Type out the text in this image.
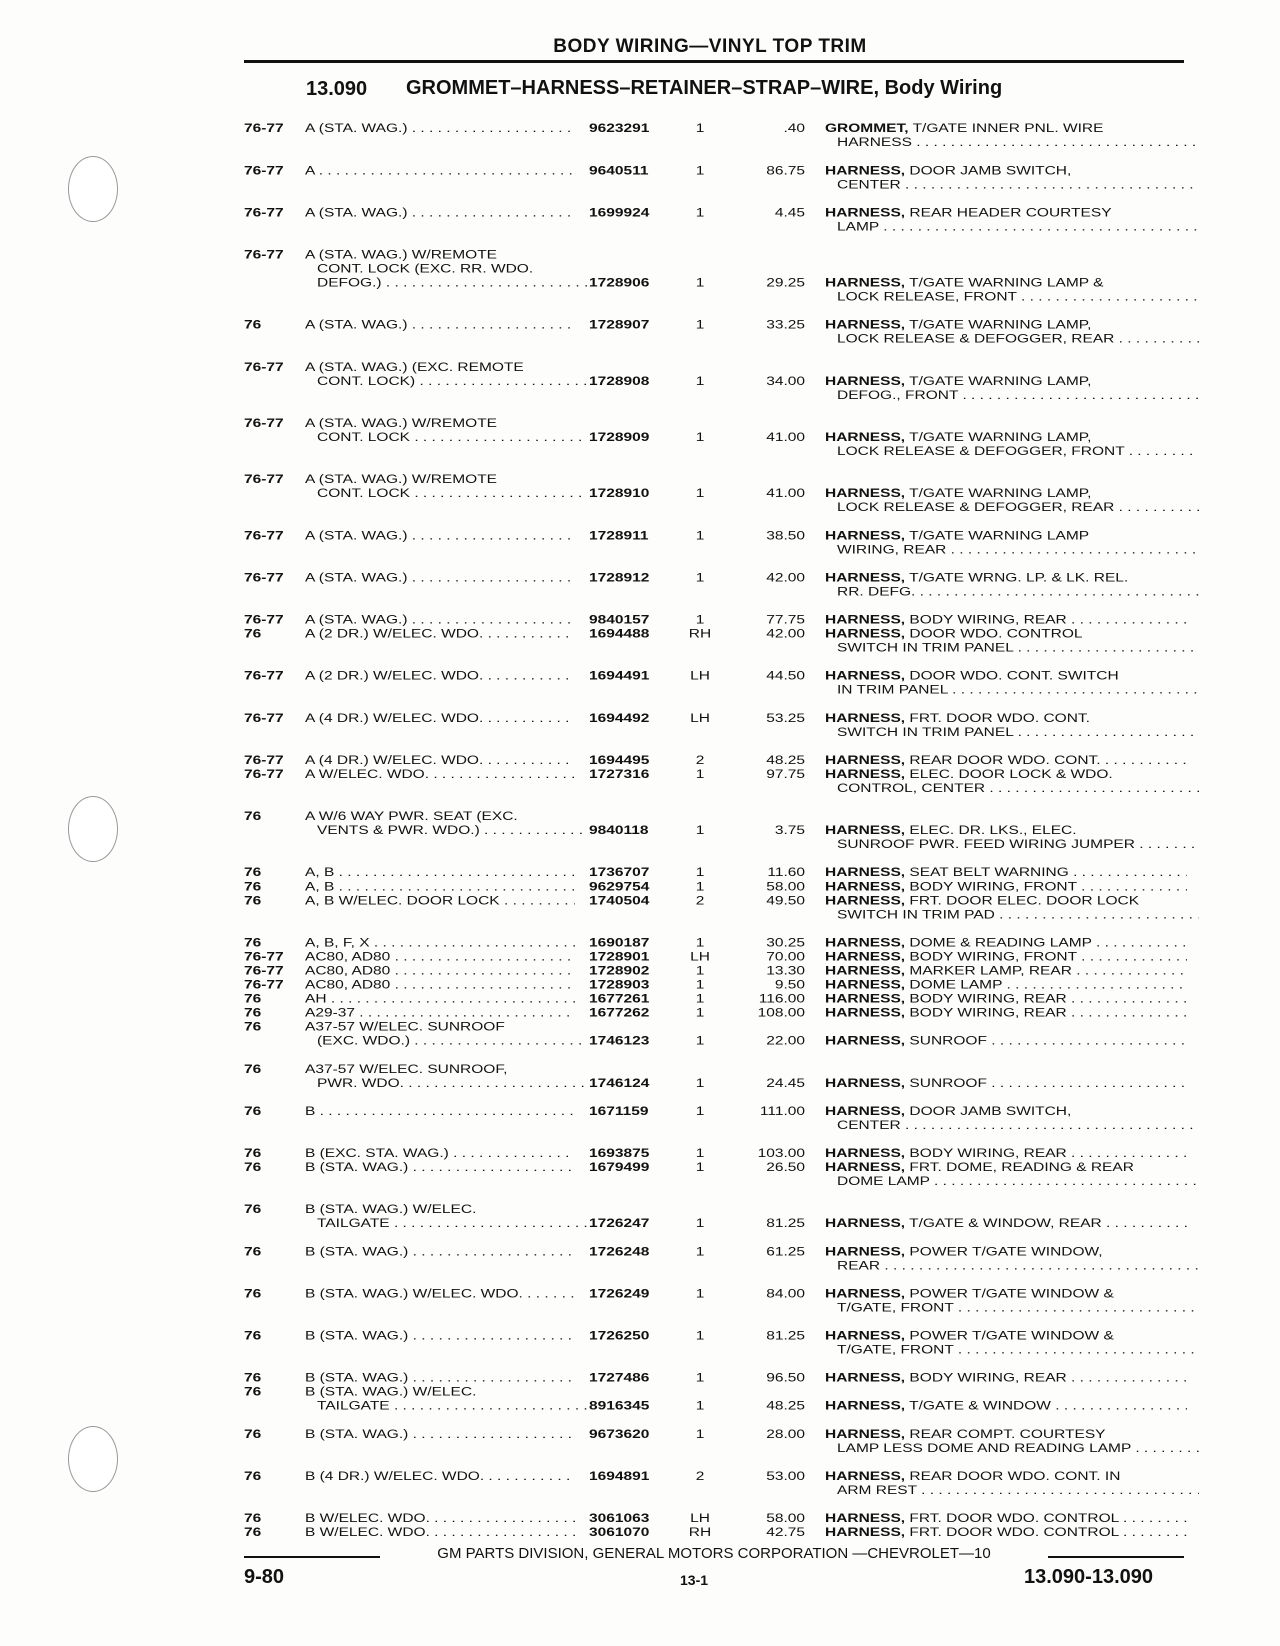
BODY WIRING—VINYL TOP TRIM
13.090 GROMMET–HARNESS–RETAINER–STRAP–WIRE, Body Wiring
76-77 A (STA. WAG.) . . .	9623291	1	.40 GROMMET, T/GATE INNER PNL. WIRE
HARNESS . . .
76-77 A . . .	9640511	1	86.75 HARNESS, DOOR JAMB SWITCH,
CENTER . . .
76-77 A (STA. WAG.) . . .	1699924	1	4.45 HARNESS, REAR HEADER COURTESY
LAMP . . .
76-77 A (STA. WAG.) W/REMOTE
CONT. LOCK (EXC. RR. WDO.
DEFOG.) . . .	1728906	1	29.25 HARNESS, T/GATE WARNING LAMP &
LOCK RELEASE, FRONT . . .
76	A (STA. WAG.) . . .	1728907	1	33.25 HARNESS, T/GATE WARNING LAMP,
LOCK RELEASE & DEFOGGER, REAR . . .
76-77 A (STA. WAG.) (EXC. REMOTE
CONT. LOCK) . . .	1728908	1	34.00 HARNESS, T/GATE WARNING LAMP,
DEFOG., FRONT . . .
76-77 A (STA. WAG.) W/REMOTE
CONT. LOCK . . .	1728909	1	41.00 HARNESS, T/GATE WARNING LAMP,
LOCK RELEASE & DEFOGGER, FRONT . . .
76-77 A (STA. WAG.) W/REMOTE
CONT. LOCK . . .	1728910	1	41.00 HARNESS, T/GATE WARNING LAMP,
LOCK RELEASE & DEFOGGER, REAR . . .
76-77 A (STA. WAG.) . . .	1728911	1	38.50 HARNESS, T/GATE WARNING LAMP
WIRING, REAR . . .
76-77 A (STA. WAG.) . . .	1728912	1	42.00 HARNESS, T/GATE WRNG. LP. & LK. REL.
RR. DEFG. . . .
76-77 A (STA. WAG.) . . .	9840157	1	77.75 HARNESS, BODY WIRING, REAR . . .
76	A (2 DR.) W/ELEC. WDO. . . .	1694488	RH	42.00 HARNESS, DOOR WDO. CONTROL
SWITCH IN TRIM PANEL . . .
76-77 A (2 DR.) W/ELEC. WDO. . . .	1694491	LH	44.50 HARNESS, DOOR WDO. CONT. SWITCH
IN TRIM PANEL . . .
76-77 A (4 DR.) W/ELEC. WDO. . . .	1694492	LH	53.25 HARNESS, FRT. DOOR WDO. CONT.
SWITCH IN TRIM PANEL . . .
76-77 A (4 DR.) W/ELEC. WDO. . . .	1694495	2	48.25 HARNESS, REAR DOOR WDO. CONT. . . .
76-77 A W/ELEC. WDO. . . .	1727316	1	97.75 HARNESS, ELEC. DOOR LOCK & WDO.
CONTROL, CENTER . . .
76	A W/6 WAY PWR. SEAT (EXC.
VENTS & PWR. WDO.) . . .	9840118	1	3.75 HARNESS, ELEC. DR. LKS., ELEC.
SUNROOF PWR. FEED WIRING JUMPER . . .
76	A, B . . .	1736707	1	11.60 HARNESS, SEAT BELT WARNING . . .
76	A, B . . .	9629754	1	58.00 HARNESS, BODY WIRING, FRONT . . .
76	A, B W/ELEC. DOOR LOCK . . .	1740504	2	49.50 HARNESS, FRT. DOOR ELEC. DOOR LOCK
SWITCH IN TRIM PAD . . .
76	A, B, F, X . . .	1690187	1	30.25 HARNESS, DOME & READING LAMP . . .
76-77 AC80, AD80 . . .	1728901	LH	70.00 HARNESS, BODY WIRING, FRONT . . .
76-77 AC80, AD80 . . .	1728902	1	13.30 HARNESS, MARKER LAMP, REAR . . .
76-77 AC80, AD80 . . .	1728903	1	9.50 HARNESS, DOME LAMP . . .
76	AH . . .	1677261	1	116.00 HARNESS, BODY WIRING, REAR . . .
76	A29-37 . . .	1677262	1	108.00 HARNESS, BODY WIRING, REAR . . .
76	A37-57 W/ELEC. SUNROOF
(EXC. WDO.) . . .	1746123	1	22.00 HARNESS, SUNROOF . . .
76	A37-57 W/ELEC. SUNROOF,
PWR. WDO. . . .	1746124	1	24.45 HARNESS, SUNROOF . . .
76	B . . .	1671159	1	111.00 HARNESS, DOOR JAMB SWITCH,
CENTER . . .
76	B (EXC. STA. WAG.) . . .	1693875	1	103.00 HARNESS, BODY WIRING, REAR . . .
76	B (STA. WAG.) . . .	1679499	1	26.50 HARNESS, FRT. DOME, READING & REAR
DOME LAMP . . .
76	B (STA. WAG.) W/ELEC.
TAILGATE . . .	1726247	1	81.25 HARNESS, T/GATE & WINDOW, REAR . . .
76	B (STA. WAG.) . . .	1726248	1	61.25 HARNESS, POWER T/GATE WINDOW,
REAR . . .
76	B (STA. WAG.) W/ELEC. WDO. . . .	1726249	1	84.00 HARNESS, POWER T/GATE WINDOW &
T/GATE, FRONT . . .
76	B (STA. WAG.) . . .	1726250	1	81.25 HARNESS, POWER T/GATE WINDOW &
T/GATE, FRONT . . .
76	B (STA. WAG.) . . .	1727486	1	96.50 HARNESS, BODY WIRING, REAR . . .
76	B (STA. WAG.) W/ELEC.
TAILGATE . . .	8916345	1	48.25 HARNESS, T/GATE & WINDOW . . .
76	B (STA. WAG.) . . .	9673620	1	28.00 HARNESS, REAR COMPT. COURTESY
LAMP LESS DOME AND READING LAMP . . .
76	B (4 DR.) W/ELEC. WDO. . . .	1694891	2	53.00 HARNESS, REAR DOOR WDO. CONT. IN
ARM REST . . .
76	B W/ELEC. WDO. . . .	3061063	LH	58.00 HARNESS, FRT. DOOR WDO. CONTROL . . .
76	B W/ELEC. WDO. . . .	3061070	RH	42.75 HARNESS, FRT. DOOR WDO. CONTROL . . .
GM PARTS DIVISION, GENERAL MOTORS CORPORATION —CHEVROLET—10
9-80	13-1	13.090-13.090
